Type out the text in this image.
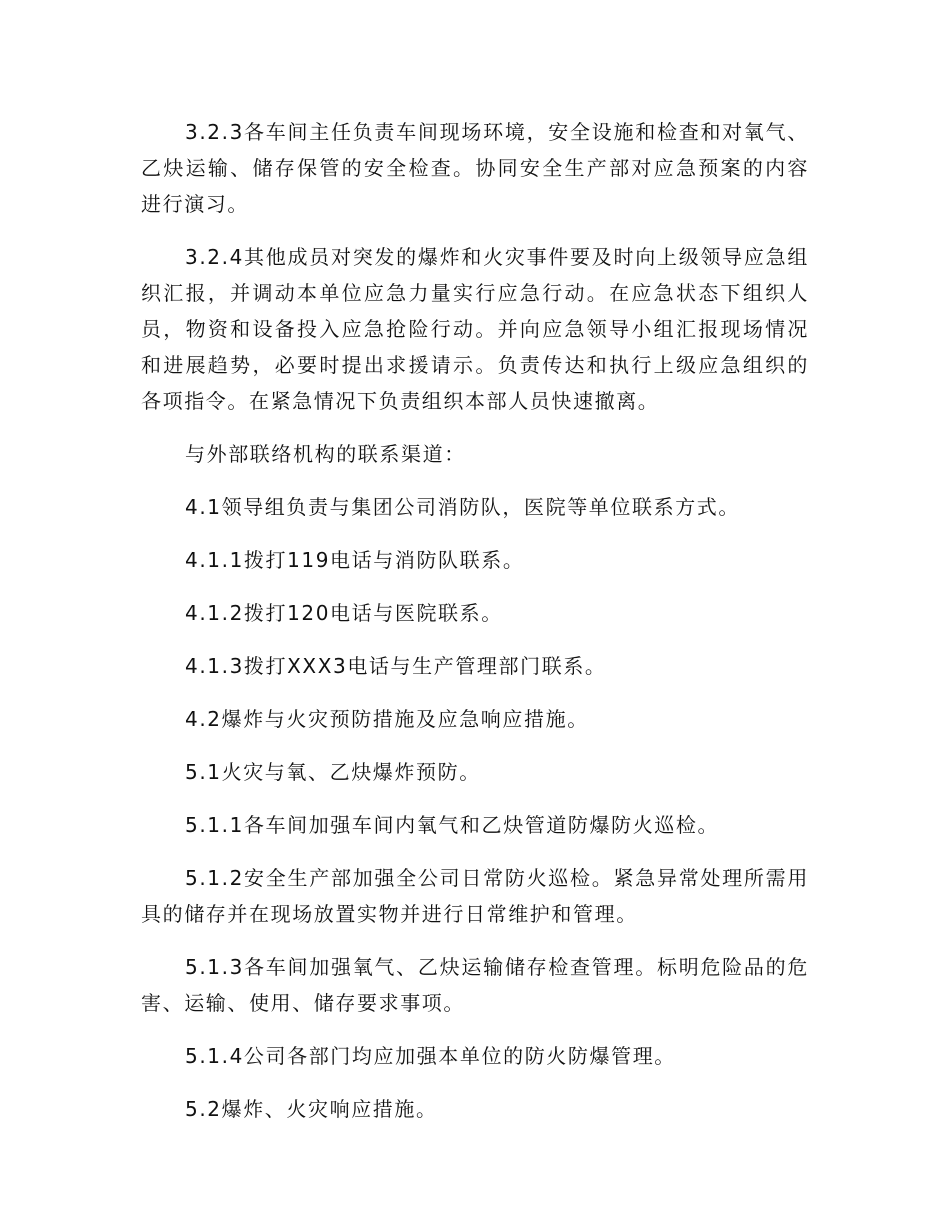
3.2.3各车间主任负责车间现场环境，安全设施和检查和对氧气、乙炔运输、储存保管的安全检查。协同安全生产部对应急预案的内容进行演习。

3.2.4其他成员对突发的爆炸和火灾事件要及时向上级领导应急组织汇报，并调动本单位应急力量实行应急行动。在应急状态下组织人员，物资和设备投入应急抢险行动。并向应急领导小组汇报现场情况和进展趋势，必要时提出求援请示。负责传达和执行上级应急组织的各项指令。在紧急情况下负责组织本部人员快速撤离。

与外部联络机构的联系渠道：

4.1领导组负责与集团公司消防队，医院等单位联系方式。

4.1.1拨打119电话与消防队联系。

4.1.2拨打120电话与医院联系。

4.1.3拨打XXX3电话与生产管理部门联系。

4.2爆炸与火灾预防措施及应急响应措施。

5.1火灾与氧、乙炔爆炸预防。

5.1.1各车间加强车间内氧气和乙炔管道防爆防火巡检。

5.1.2安全生产部加强全公司日常防火巡检。紧急异常处理所需用具的储存并在现场放置实物并进行日常维护和管理。

5.1.3各车间加强氧气、乙炔运输储存检查管理。标明危险品的危害、运输、使用、储存要求事项。

5.1.4公司各部门均应加强本单位的防火防爆管理。

5.2爆炸、火灾响应措施。
